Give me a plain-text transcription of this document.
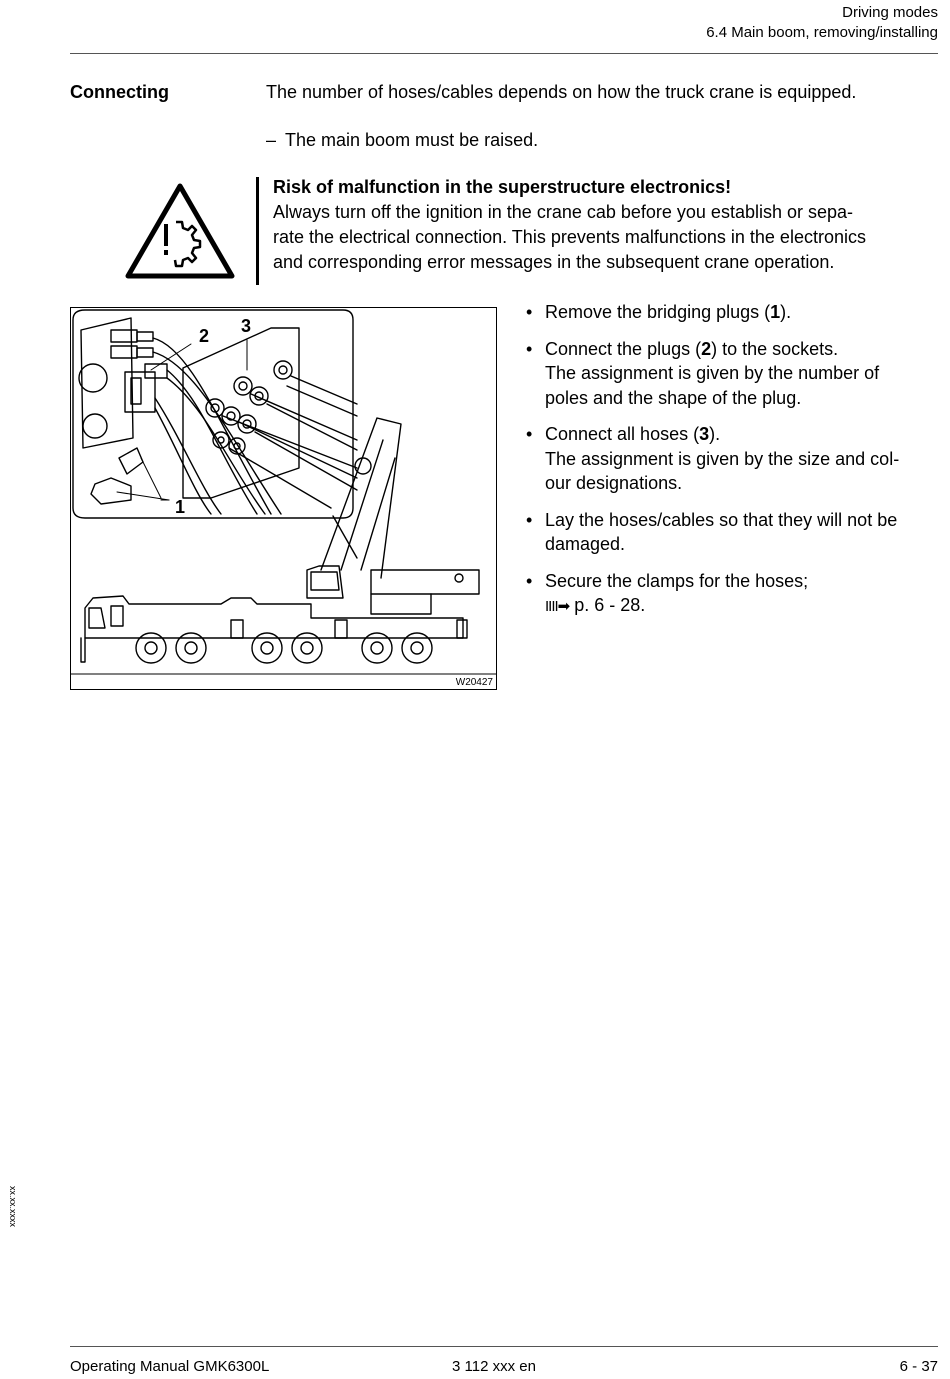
Driving modes
6.4 Main boom, removing/installing
Connecting	The number of hoses/cables depends on how the truck crane is equipped.
– The main boom must be raised.
Risk of malfunction in the superstructure electronics!
Always turn off the ignition in the crane cab before you establish or sepa-
rate the electrical connection. This prevents malfunctions in the electronics
and corresponding error messages in the subsequent crane operation.
1
2 3
W20427
• Remove the bridging plugs (1).
• Connect the plugs (2) to the sockets.
The assignment is given by the number of
poles and the shape of the plug.
• Connect all hoses (3).
The assignment is given by the size and col-
our designations.
• Lay the hoses/cables so that they will not be
damaged.
• Secure the clamps for the hoses;
IIII➡ p. 6 - 28.
xx.xx.xxxx
Operating Manual GMK6300L	3 112 xxx en	6 - 37
